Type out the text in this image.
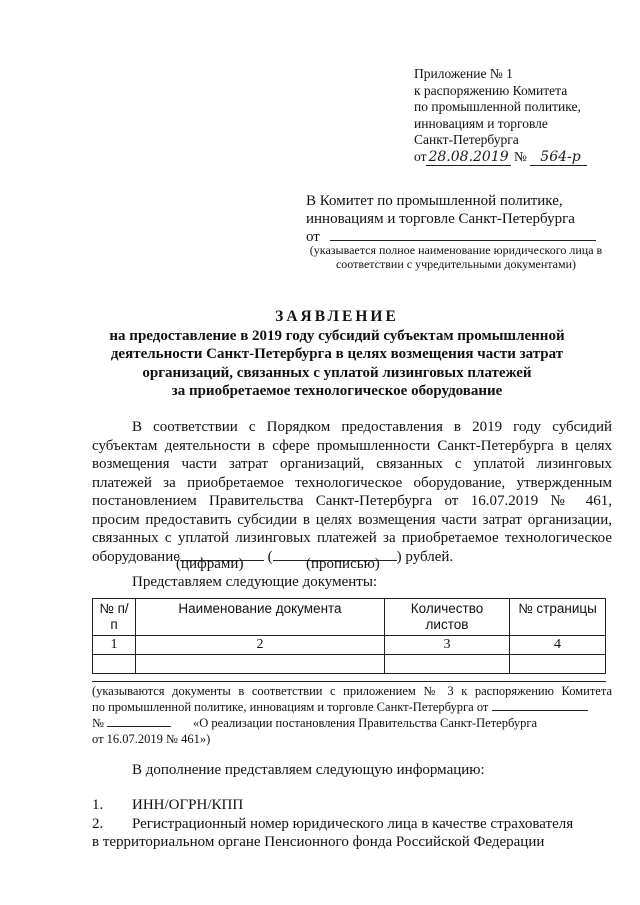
Приложение № 1
к распоряжению Комитета
по промышленной политике,
инновациям и торговле
Санкт-Петербурга
от 28.08.2019 № 564-р
В Комитет по промышленной политике,
инновациям и торговле Санкт-Петербурга
от
(указывается полное наименование юридического лица в соответствии с учредительными документами)
ЗАЯВЛЕНИЕ
на предоставление в 2019 году субсидий субъектам промышленной
деятельности Санкт-Петербурга в целях возмещения части затрат
организаций, связанных с уплатой лизинговых платежей
за приобретаемое технологическое оборудование
В соответствии с Порядком предоставления в 2019 году субсидий
субъектам деятельности в сфере промышленности Санкт-Петербурга в целях
возмещения части затрат организаций, связанных с уплатой лизинговых
платежей за приобретаемое технологическое оборудование, утвержденным
постановлением Правительства Санкт-Петербурга от 16.07.2019 № 461,
просим предоставить субсидии в целях возмещения части затрат организации,
связанных с уплатой лизинговых платежей за приобретаемое технологическое
оборудование	(	) рублей.
(цифрами)	(прописью)
Представляем следующие документы:
№ п/п	Наименование документа	Количество листов	№ страницы
1	2	3	4

(указываются документы в соответствии с приложением № 3 к распоряжению Комитета
по промышленной политике, инновациям и торговле Санкт-Петербурга от
№	«О реализации постановления Правительства Санкт-Петербурга
от 16.07.2019 № 461»)
В дополнение представляем следующую информацию:
1. ИНН/ОГРН/КПП
2. Регистрационный номер юридического лица в качестве страхователя
в территориальном органе Пенсионного фонда Российской Федерации
